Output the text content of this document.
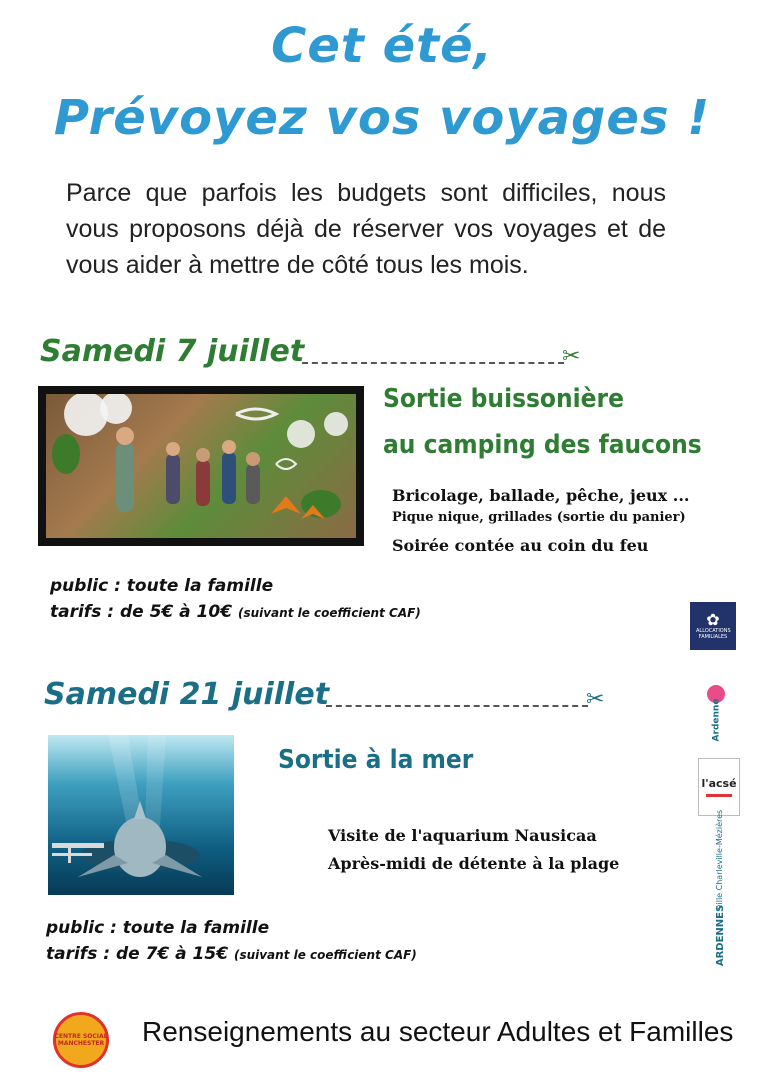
Cet été,
Prévoyez vos voyages !
Parce que parfois les budgets sont difficiles, nous vous proposons déjà de réserver vos voyages et de vous aider à mettre de côté tous les mois.
Samedi 7 juillet	✂
Sortie buissonière
au camping des faucons
Bricolage, ballade, pêche, jeux ...
Pique nique, grillades (sortie du panier)
Soirée contée au coin du feu
public : toute la famille
tarifs : de 5€ à 10€ (suivant le coefficient CAF)	✿
ALLOCATIONS FAMILIALES
Samedi 21 juillet	✂
Sortie à la mer
Visite de l'aquarium Nausicaa
Après-midi de détente à la plage
public : toute la famille
tarifs : de 7€ à 15€ (suivant le coefficient CAF)
Ardenne
l'acsé
ville Charleville-Mézières
ARDENNES
CENTRE SOCIAL
MANCHESTER Renseignements au secteur Adultes et Familles
